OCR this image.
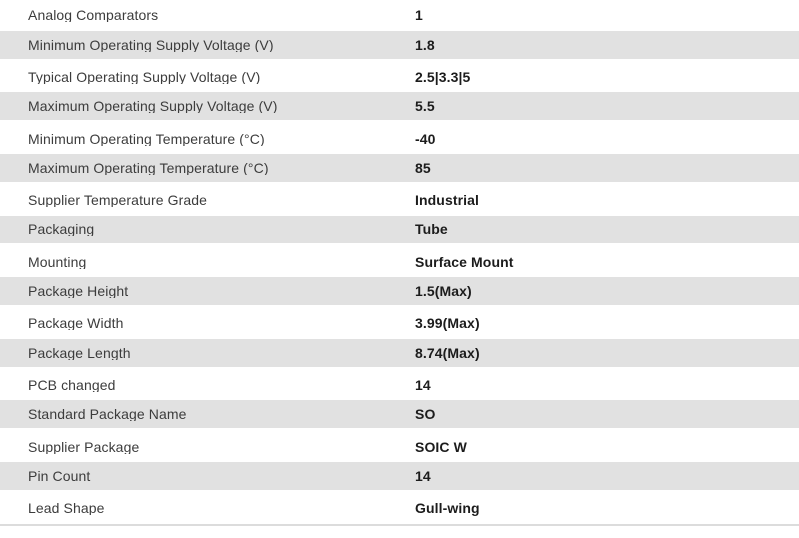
Analog Comparators	1
Minimum Operating Supply Voltage (V)	1.8
Typical Operating Supply Voltage (V)	2.5|3.3|5
Maximum Operating Supply Voltage (V)	5.5
Minimum Operating Temperature (°C)	-40
Maximum Operating Temperature (°C)	85
Supplier Temperature Grade	Industrial
Packaging	Tube
Mounting	Surface Mount
Package Height	1.5(Max)
Package Width	3.99(Max)
Package Length	8.74(Max)
PCB changed	14
Standard Package Name	SO
Supplier Package	SOIC W
Pin Count	14
Lead Shape	Gull-wing
